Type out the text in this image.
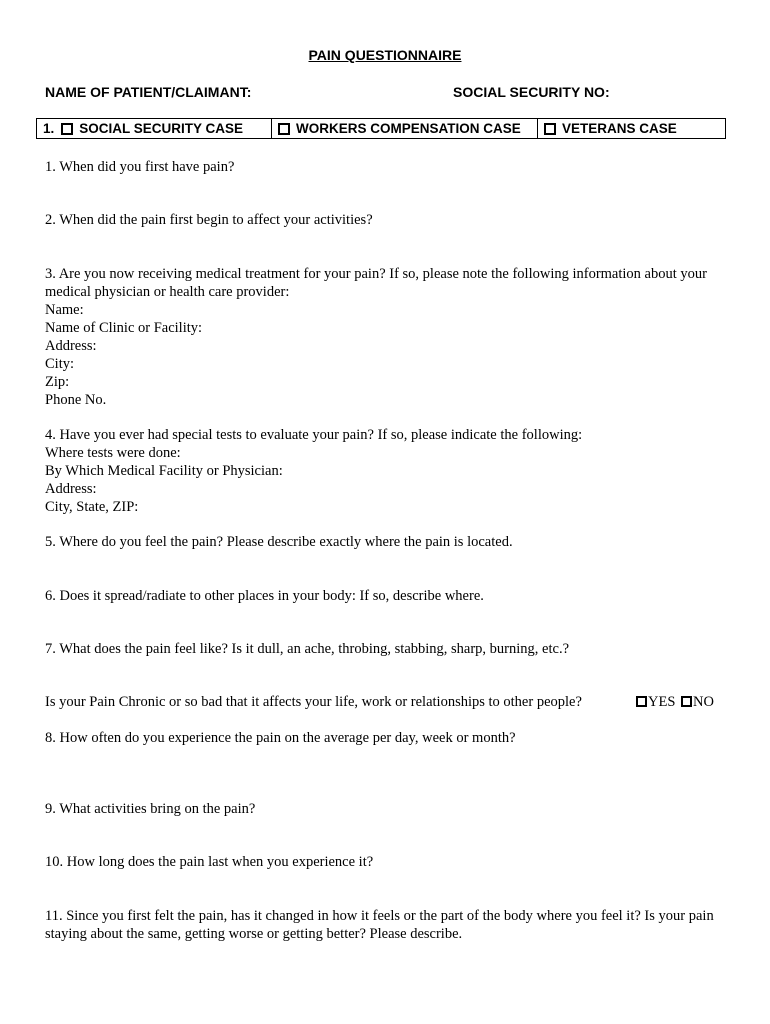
PAIN QUESTIONNAIRE
NAME OF PATIENT/CLAIMANT:	SOCIAL SECURITY NO:
1. SOCIAL SECURITY CASE	WORKERS COMPENSATION CASE	VETERANS CASE
1. When did you first have pain?
2. When did the pain first begin to affect your activities?
3. Are you now receiving medical treatment for your pain? If so, please note the following information about your medical physician or health care provider:
Name:
Name of Clinic or Facility:
Address:
City:
Zip:
Phone No.
4. Have you ever had special tests to evaluate your pain? If so, please indicate the following:
Where tests were done:
By Which Medical Facility or Physician:
Address:
City, State, ZIP:
5. Where do you feel the pain? Please describe exactly where the pain is located.
6. Does it spread/radiate to other places in your body: If so, describe where.
7. What does the pain feel like? Is it dull, an ache, throbing, stabbing, sharp, burning, etc.?
Is your Pain Chronic or so bad that it affects your life, work or relationships to other people?	YES NO
8. How often do you experience the pain on the average per day, week or month?
9. What activities bring on the pain?
10. How long does the pain last when you experience it?
11. Since you first felt the pain, has it changed in how it feels or the part of the body where you feel it? Is your pain staying about the same, getting worse or getting better? Please describe.
